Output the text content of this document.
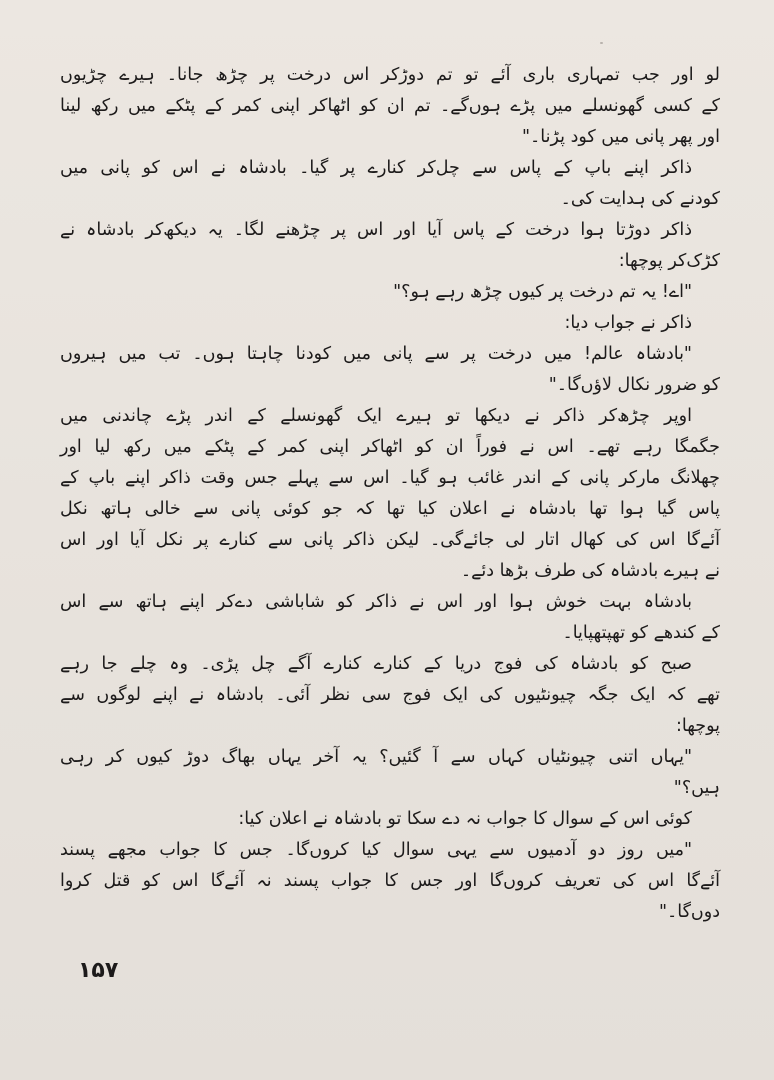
لو اور جب تمہاری باری آئے تو تم دوڑکر اس درخت پر چڑھ جانا۔ ہیرے چڑیوں
کے کسی گھونسلے میں پڑے ہوں‌گے۔ تم ان کو اٹھاکر اپنی کمر کے پٹکے میں رکھ لینا
اور پھر پانی میں کود پڑنا۔"
ذاکر اپنے باپ کے پاس سے چل‌کر کنارے پر گیا۔ بادشاہ نے اس کو پانی میں
کودنے کی ہدایت کی۔
ذاکر دوڑتا ہوا درخت کے پاس آیا اور اس پر چڑھنے لگا۔ یہ دیکھ‌کر بادشاہ نے
کڑک‌کر پوچھا:
"اے! یہ تم درخت پر کیوں چڑھ رہے ہو؟"
ذاکر نے جواب دیا:
"بادشاہ عالم! میں درخت پر سے پانی میں کودنا چاہتا ہوں۔ تب میں ہیروں
کو ضرور نکال لاؤں‌گا۔"
اوپر چڑھ‌کر ذاکر نے دیکھا تو ہیرے ایک گھونسلے کے اندر پڑے چاندنی میں
جگمگا رہے تھے۔ اس نے فوراً ان کو اٹھاکر اپنی کمر کے پٹکے میں رکھ لیا اور
چھلانگ مارکر پانی کے اندر غائب ہو گیا۔ اس سے پہلے جس وقت ذاکر اپنے باپ کے
پاس گیا ہوا تھا بادشاہ نے اعلان کیا تھا کہ جو کوئی پانی سے خالی ہاتھ نکل
آئےگا اس کی کھال اتار لی جائےگی۔ لیکن ذاکر پانی سے کنارے پر نکل آیا اور اس
نے ہیرے بادشاہ کی طرف بڑھا دئے۔
بادشاہ بہت خوش ہوا اور اس نے ذاکر کو شاباشی دےکر اپنے ہاتھ سے اس
کے کندھے کو تھپتھپایا۔
صبح کو بادشاہ کی فوج دریا کے کنارے کنارے آگے چل پڑی۔ وہ چلے جا رہے
تھے کہ ایک جگہ چیونٹیوں کی ایک فوج سی نظر آئی۔ بادشاہ نے اپنے لوگوں سے
پوچھا:
"یہاں اتنی چیونٹیاں کہاں سے آ گئیں؟ یہ آخر یہاں بھاگ دوڑ کیوں کر رہی
ہیں؟"
کوئی اس کے سوال کا جواب نہ دے سکا تو بادشاہ نے اعلان کیا:
"میں روز دو آدمیوں سے یہی سوال کیا کروں‌گا۔ جس کا جواب مجھے پسند
آئےگا اس کی تعریف کروں‌گا اور جس کا جواب پسند نہ آئےگا اس کو قتل کروا
دوں‌گا۔"
۱۵۷
